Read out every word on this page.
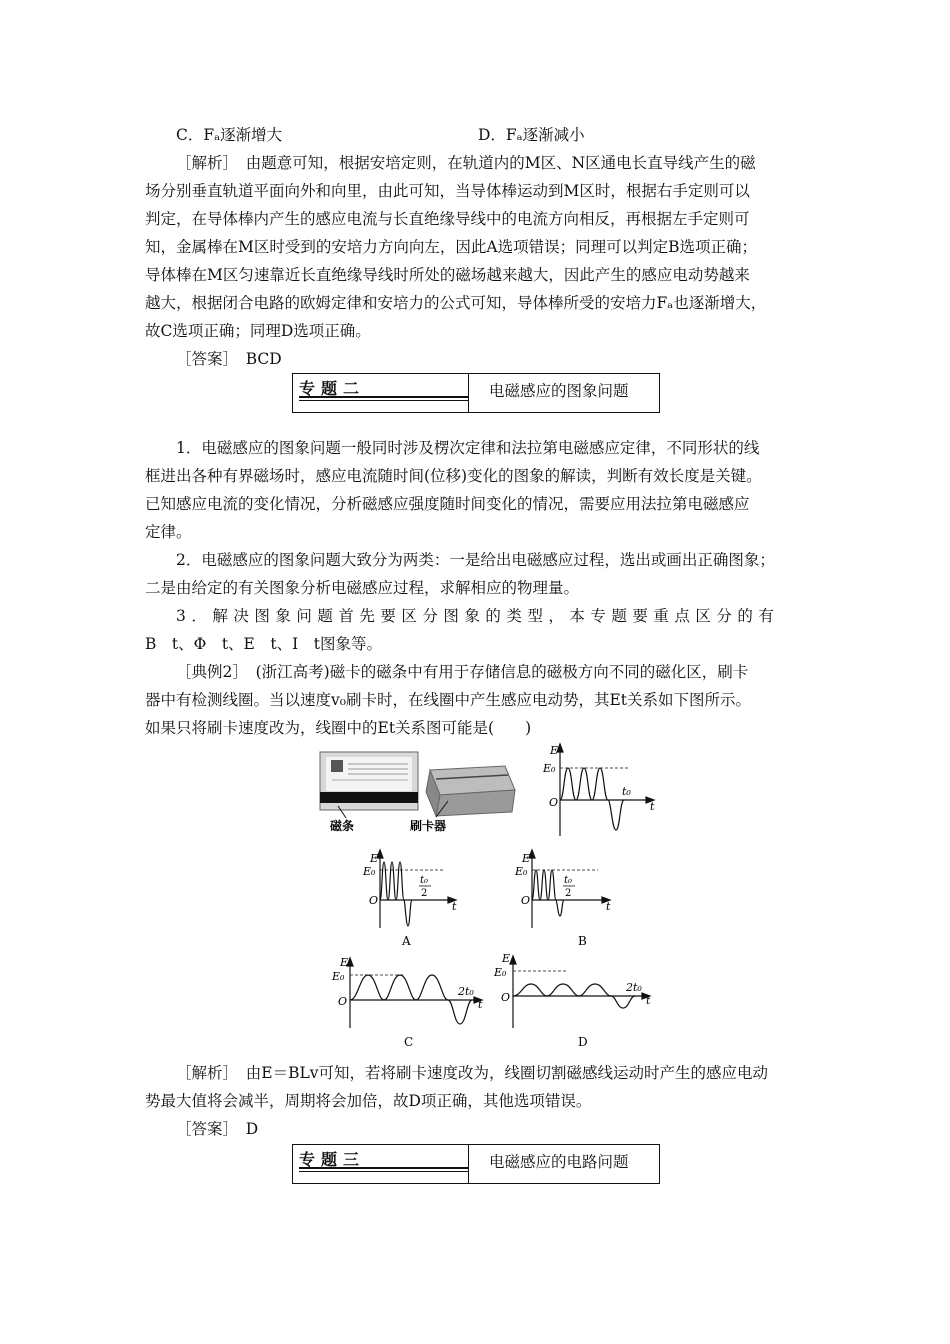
C．Fₐ逐渐增大	D．Fₐ逐渐减小
［解析］　由题意可知，根据安培定则，在轨道内的M区、N区通电长直导线产生的磁
场分别垂直轨道平面向外和向里，由此可知，当导体棒运动到M区时，根据右手定则可以
判定，在导体棒内产生的感应电流与长直绝缘导线中的电流方向相反，再根据左手定则可
知，金属棒在M区时受到的安培力方向向左，因此A选项错误；同理可以判定B选项正确；
导体棒在M区匀速靠近长直绝缘导线时所处的磁场越来越大，因此产生的感应电动势越来
越大，根据闭合电路的欧姆定律和安培力的公式可知，导体棒所受的安培力Fₐ也逐渐增大，
故C选项正确；同理D选项正确。
［答案］　BCD
专题二	电磁感应的图象问题
1．电磁感应的图象问题一般同时涉及楞次定律和法拉第电磁感应定律，不同形状的线
框进出各种有界磁场时，感应电流随时间(位移)变化的图象的解读，判断有效长度是关键。
已知感应电流的变化情况，分析磁感应强度随时间变化的情况，需要应用法拉第电磁感应
定律。
2．电磁感应的图象问题大致分为两类：一是给出电磁感应过程，选出或画出正确图象；
二是由给定的有关图象分析电磁感应过程，求解相应的物理量。
3．解决图象问题首先要区分图象的类型，本专题要重点区分的有
B　t、Φ　t、E　t、I　t图象等。
［典例2］　(浙江高考)磁卡的磁条中有用于存储信息的磁极方向不同的磁化区，刷卡
器中有检测线圈。当以速度v₀刷卡时，在线圈中产生感应电动势，其Et关系如下图所示。
如果只将刷卡速度改为，线圈中的Et关系图可能是(　　)
磁条	刷卡器
E
E₀
O
t₀
t
E
E₀
O
t₀
2
t
A
E
E₀
O
t₀
2
t
B
E
E₀
O
2t₀
t
C
E
E₀
O
2t₀
t
D
［解析］　由E＝BLv可知，若将刷卡速度改为，线圈切割磁感线运动时产生的感应电动
势最大值将会减半，周期将会加倍，故D项正确，其他选项错误。
［答案］　D
专题三	电磁感应的电路问题
